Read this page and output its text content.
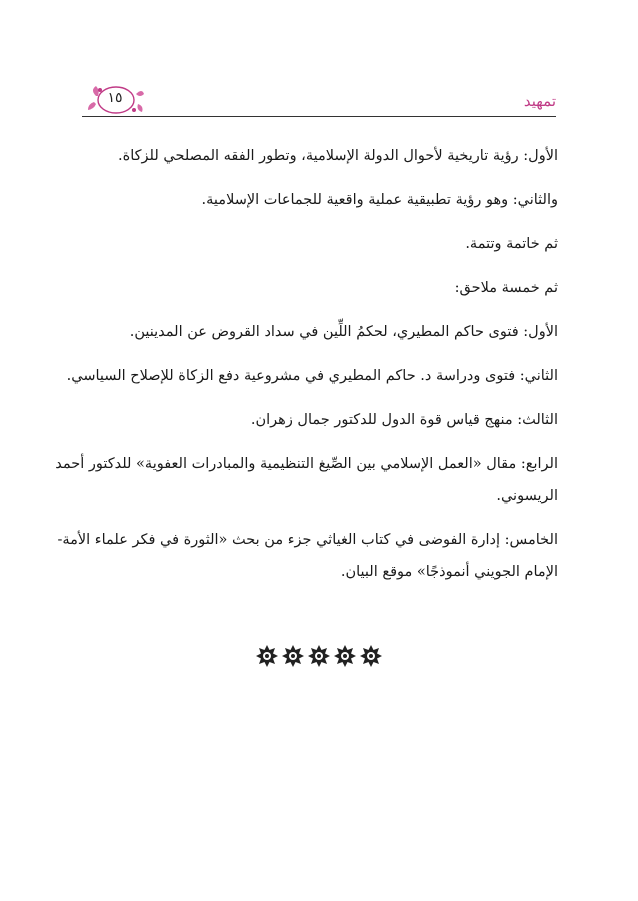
تمهيد
١٥
الأول: رؤية تاريخية لأحوال الدولة الإسلامية، وتطور الفقه المصلحي للزكاة.
والثاني: وهو رؤية تطبيقية عملية واقعية للجماعات الإسلامية.
ثم خاتمة وتتمة.
ثم خمسة ملاحق:
الأول: فتوى حاكم المطيري، لحكمُ اللِّين في سداد القروض عن المدينين.
الثاني: فتوى ودراسة د. حاكم المطيري في مشروعية دفع الزكاة للإصلاح السياسي.
الثالث: منهج قياس قوة الدول للدكتور جمال زهران.
الرابع: مقال «العمل الإسلامي بين الصِّيغ التنظيمية والمبادرات العفوية» للدكتور أحمد
الريسوني.
الخامس: إدارة الفوضى في كتاب الغياثي جزء من بحث «الثورة في فكر علماء الأمة-
الإمام الجويني أنموذجًا» موقع البيان.
